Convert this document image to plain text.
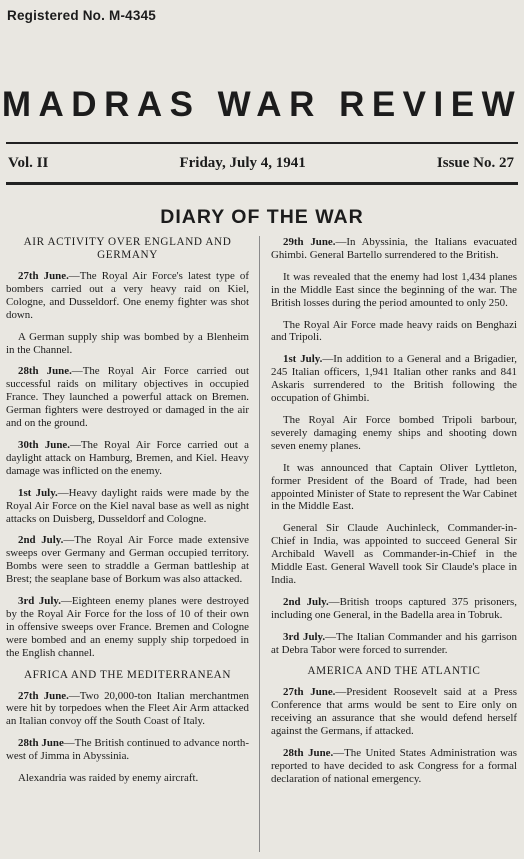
Registered No. M-4345
MADRAS WAR REVIEW
Vol. II	Friday, July 4, 1941	Issue No. 27
DIARY OF THE WAR
AIR ACTIVITY OVER ENGLAND AND GERMANY

27th June.—The Royal Air Force's latest type of bombers carried out a very heavy raid on Kiel, Cologne, and Dusseldorf. One enemy fighter was shot down.

A German supply ship was bombed by a Blenheim in the Channel.

28th June.—The Royal Air Force carried out successful raids on military objectives in occupied France. They launched a powerful attack on Bremen. German fighters were destroyed or damaged in the air and on the ground.

30th June.—The Royal Air Force carried out a daylight attack on Hamburg, Bremen, and Kiel. Heavy damage was inflicted on the enemy.

1st July.—Heavy daylight raids were made by the Royal Air Force on the Kiel naval base as well as night attacks on Duisberg, Dusseldorf and Cologne.

2nd July.—The Royal Air Force made extensive sweeps over Germany and German occupied territory. Bombs were seen to straddle a German battleship at Brest; the seaplane base of Borkum was also attacked.

3rd July.—Eighteen enemy planes were destroyed by the Royal Air Force for the loss of 10 of their own in offensive sweeps over France. Bremen and Cologne were bombed and an enemy supply ship torpedoed in the English channel.

AFRICA AND THE MEDITERRANEAN

27th June.—Two 20,000-ton Italian merchantmen were hit by torpedoes when the Fleet Air Arm attacked an Italian convoy off the South Coast of Italy.

28th June—The British continued to advance north-west of Jimma in Abyssinia.

Alexandria was raided by enemy aircraft.

29th June.—In Abyssinia, the Italians evacuated Ghimbi. General Bartello surrendered to the British.

It was revealed that the enemy had lost 1,434 planes in the Middle East since the beginning of the war. The British losses during the period amounted to only 250.

The Royal Air Force made heavy raids on Benghazi and Tripoli.

1st July.—In addition to a General and a Brigadier, 245 Italian officers, 1,941 Italian other ranks and 841 Askaris surrendered to the British following the occupation of Ghimbi.

The Royal Air Force bombed Tripoli barbour, severely damaging enemy ships and shooting down seven enemy planes.

It was announced that Captain Oliver Lyttleton, former President of the Board of Trade, had been appointed Minister of State to represent the War Cabinet in the Middle East.

General Sir Claude Auchinleck, Commander-in-Chief in India, was appointed to succeed General Sir Archibald Wavell as Commander-in-Chief in the Middle East. General Wavell took Sir Claude's place in India.

2nd July.—British troops captured 375 prisoners, including one General, in the Badella area in Tobruk.

3rd July.—The Italian Commander and his garrison at Debra Tabor were forced to surrender.

AMERICA AND THE ATLANTIC

27th June.—President Roosevelt said at a Press Conference that arms would be sent to Eire only on receiving an assurance that she would defend herself against the Germans, if attacked.

28th June.—The United States Administration was reported to have decided to ask Congress for a formal declaration of national emergency.
